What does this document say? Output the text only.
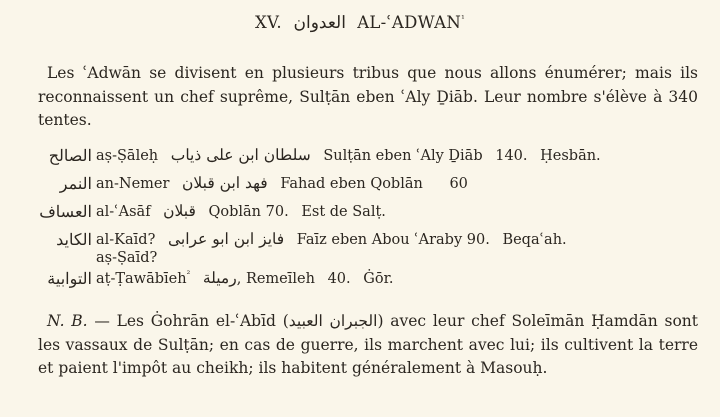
XV. العدوان AL-ʿADWAN$^{^1}$

Les ʿAdwān se divisent en plusieurs tribus que nous allons énumérer; mais ils reconnaissent un chef suprême, Sulṭān eben ʿAly Ḏiāb. Leur nombre s'élève à 340 tentes.

الصالح aṣ-Ṣāleḥ سلطان ابن على ذياب Sulṭān eben ʿAly Ḏiāb 140. Ḥesbān.
النمر an-Nemer فهد ابن قبلان Fahad eben Qoblān 60
العساف al-ʿAsāf قبلان Qoblān 70. Est de Salṭ.
الكايد al-Kaīd? فايز ابن ابو عرابى Faīz eben Abou ʿAraby 90. Beqaʿah.
aṣ-Ṣaīd?
التوابية aṭ-Ṭawābīeh$^{^2}$ رميلة, Remeīleh 40. Ġōr.

N. B. — Les Ġohrān el-ʿAbīd (الجبران العبيد) avec leur chef Soleīmān Ḥamdān sont les vassaux de Sulṭān; en cas de guerre, ils marchent avec lui; ils cultivent la terre et paient l'impôt au cheikh; ils habitent généralement à Masouḥ.
